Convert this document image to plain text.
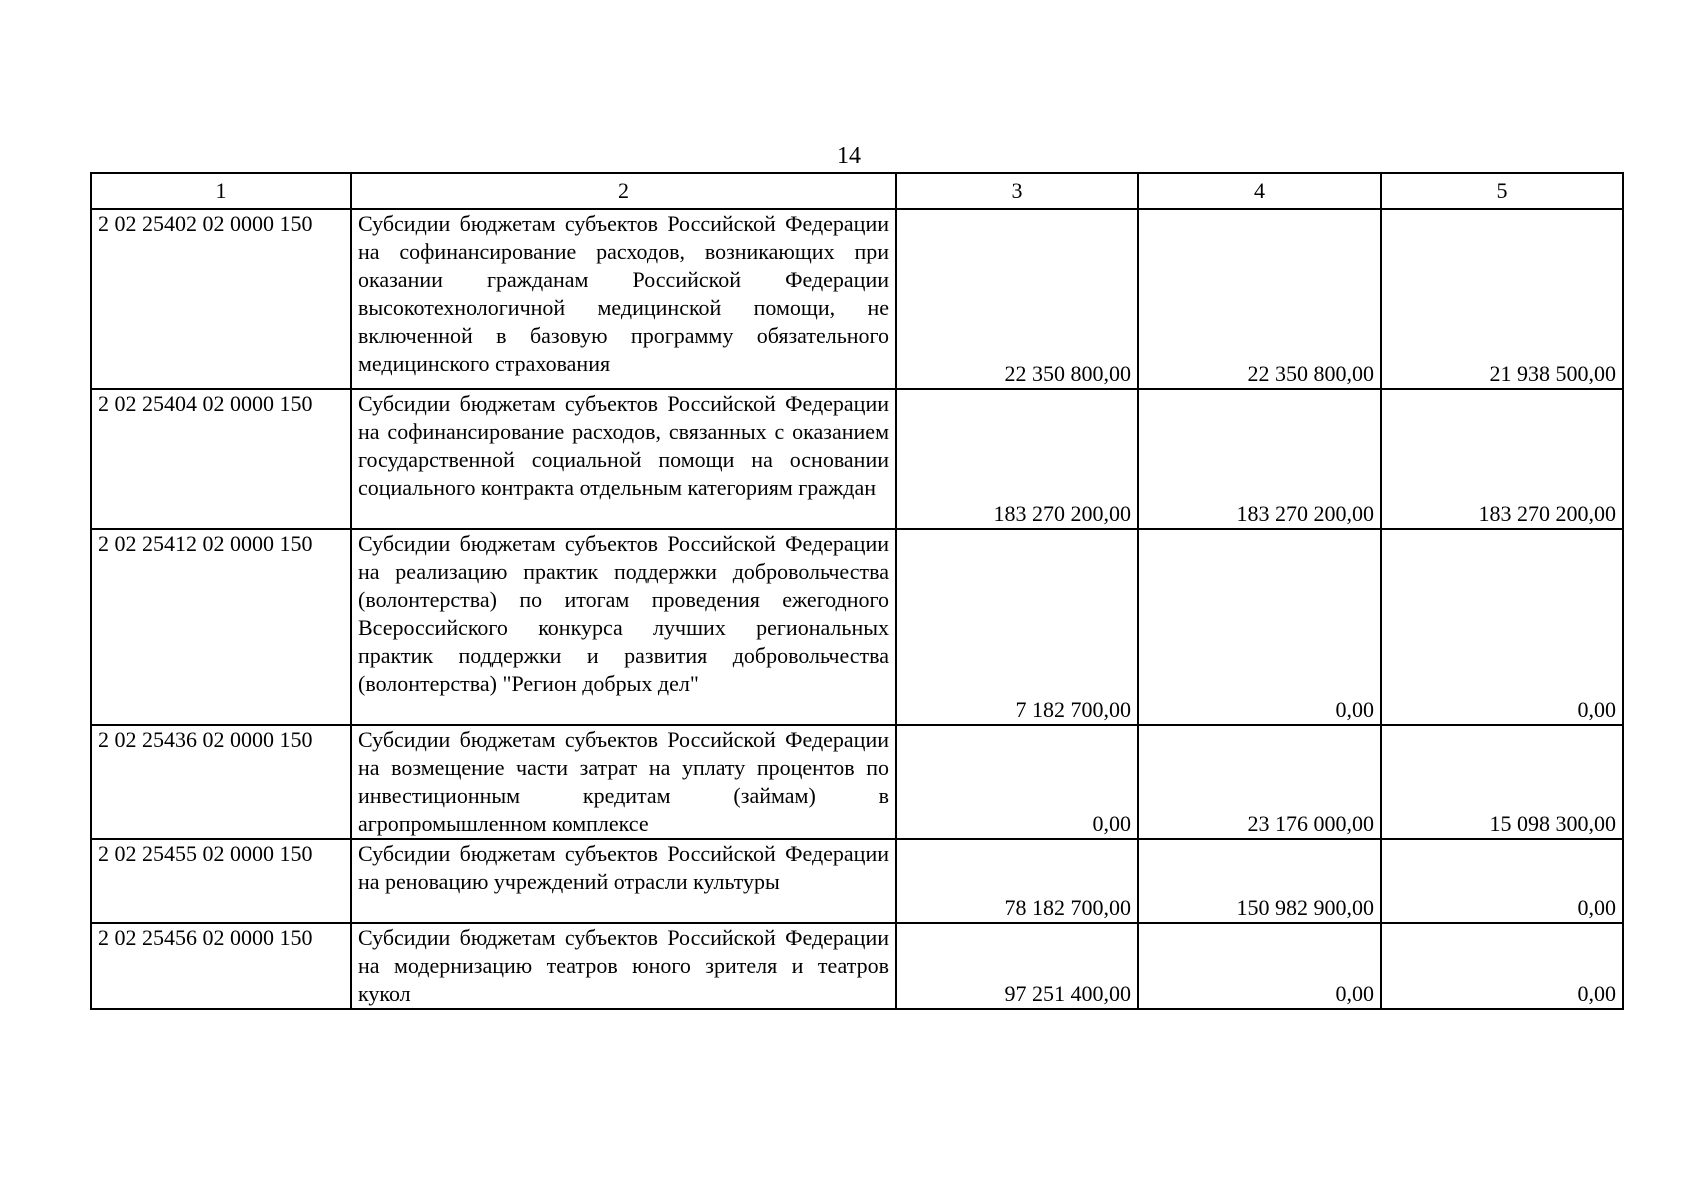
14
1	2	3	4	5
2 02 25402 02 0000 150	Субсидии бюджетам субъектов Российской Федерации на софинансирование расходов, возникающих при оказании гражданам Российской Федерации высокотехнологичной медицинской помощи, не включенной в базовую программу обязательного медицинского страхования	22 350 800,00	22 350 800,00	21 938 500,00
2 02 25404 02 0000 150	Субсидии бюджетам субъектов Российской Федерации на софинансирование расходов, связанных с оказанием государственной социальной помощи на основании социального контракта отдельным категориям граждан	183 270 200,00	183 270 200,00	183 270 200,00
2 02 25412 02 0000 150	Субсидии бюджетам субъектов Российской Федерации на реализацию практик поддержки добровольчества (волонтерства) по итогам проведения ежегодного Всероссийского конкурса лучших региональных практик поддержки и развития добровольчества (волонтерства) "Регион добрых дел"	7 182 700,00	0,00	0,00
2 02 25436 02 0000 150	Субсидии бюджетам субъектов Российской Федерации на возмещение части затрат на уплату процентов по инвестиционным кредитам (займам) в агропромышленном комплексе	0,00	23 176 000,00	15 098 300,00
2 02 25455 02 0000 150	Субсидии бюджетам субъектов Российской Федерации на реновацию учреждений отрасли культуры	78 182 700,00	150 982 900,00	0,00
2 02 25456 02 0000 150	Субсидии бюджетам субъектов Российской Федерации на модернизацию театров юного зрителя и театров кукол	97 251 400,00	0,00	0,00
